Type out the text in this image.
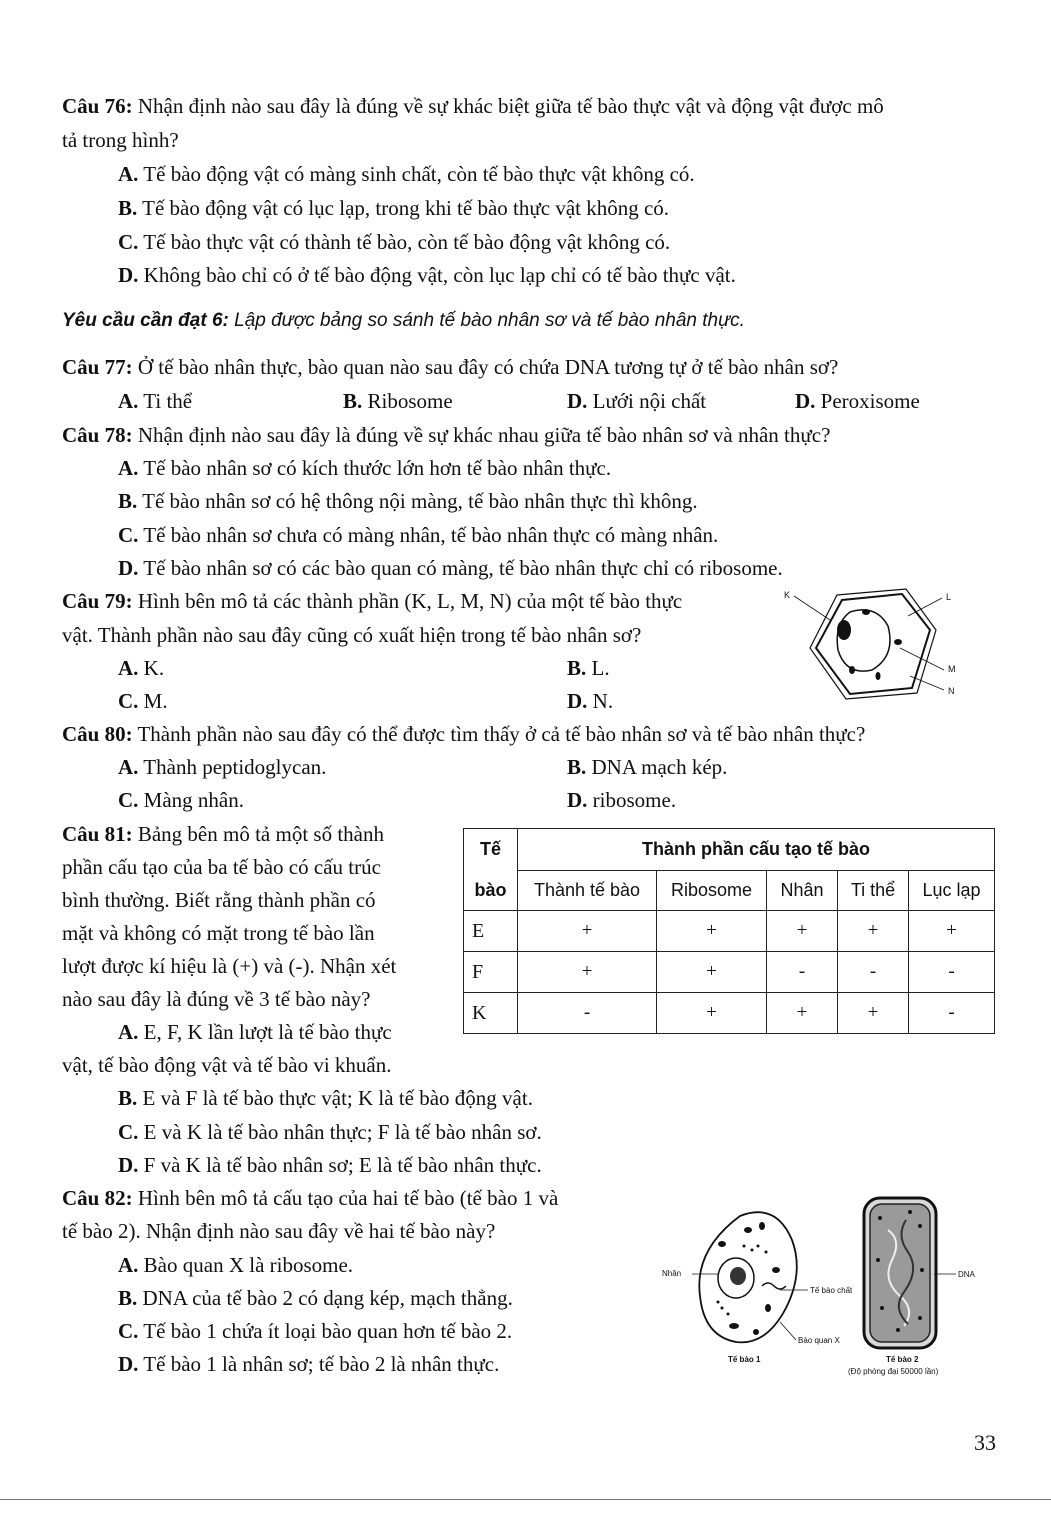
Câu 76: Nhận định nào sau đây là đúng về sự khác biệt giữa tế bào thực vật và động vật được mô
tả trong hình?
A. Tế bào động vật có màng sinh chất, còn tế bào thực vật không có.
B. Tế bào động vật có lục lạp, trong khi tế bào thực vật không có.
C. Tế bào thực vật có thành tế bào, còn tế bào động vật không có.
D. Không bào chỉ có ở tế bào động vật, còn lục lạp chỉ có tế bào thực vật.
Yêu cầu cần đạt 6: Lập được bảng so sánh tế bào nhân sơ và tế bào nhân thực.
Câu 77: Ở tế bào nhân thực, bào quan nào sau đây có chứa DNA tương tự ở tế bào nhân sơ?
A. Ti thể	B. Ribosome	D. Lưới nội chất	D. Peroxisome
Câu 78: Nhận định nào sau đây là đúng về sự khác nhau giữa tế bào nhân sơ và nhân thực?
A. Tế bào nhân sơ có kích thước lớn hơn tế bào nhân thực.
B. Tế bào nhân sơ có hệ thông nội màng, tế bào nhân thực thì không.
C. Tế bào nhân sơ chưa có màng nhân, tế bào nhân thực có màng nhân.
D. Tế bào nhân sơ có các bào quan có màng, tế bào nhân thực chỉ có ribosome.
Câu 79: Hình bên mô tả các thành phần (K, L, M, N) của một tế bào thực
vật. Thành phần nào sau đây cũng có xuất hiện trong tế bào nhân sơ?
A. K.	B. L.
C. M.	D. N.
K	L
M
N
Câu 80: Thành phần nào sau đây có thể được tìm thấy ở cả tế bào nhân sơ và tế bào nhân thực?
A. Thành peptidoglycan.	B. DNA mạch kép.
C. Màng nhân.	D. ribosome.
Câu 81: Bảng bên mô tả một số thành
phần cấu tạo của ba tế bào có cấu trúc
bình thường. Biết rằng thành phần có
mặt và không có mặt trong tế bào lần
lượt được kí hiệu là (+) và (-). Nhận xét
nào sau đây là đúng về 3 tế bào này?
A. E, F, K lần lượt là tế bào thực
vật, tế bào động vật và tế bào vi khuẩn.
B. E và F là tế bào thực vật; K là tế bào động vật.
C. E và K là tế bào nhân thực; F là tế bào nhân sơ.
D. F và K là tế bào nhân sơ; E là tế bào nhân thực.
Tế	Thành phần cấu tạo tế bào				
bào	Thành tế bào	Ribosome	Nhân	Ti thể	Lục lạp
E	+	+	+	+	+
F	+	+	-	-	-
K	-	+	+	+	-
Câu 82: Hình bên mô tả cấu tạo của hai tế bào (tế bào 1 và
tế bào 2). Nhận định nào sau đây về hai tế bào này?
A. Bào quan X là ribosome.
B. DNA của tế bào 2 có dạng kép, mạch thẳng.
C. Tế bào 1 chứa ít loại bào quan hơn tế bào 2.
D. Tế bào 1 là nhân sơ; tế bào 2 là nhân thực.
Nhân
Tế bào chất
Bào quan X
Tế bào 1
DNA
Tế bào 2
(Độ phóng đại 50000 lần)
33
